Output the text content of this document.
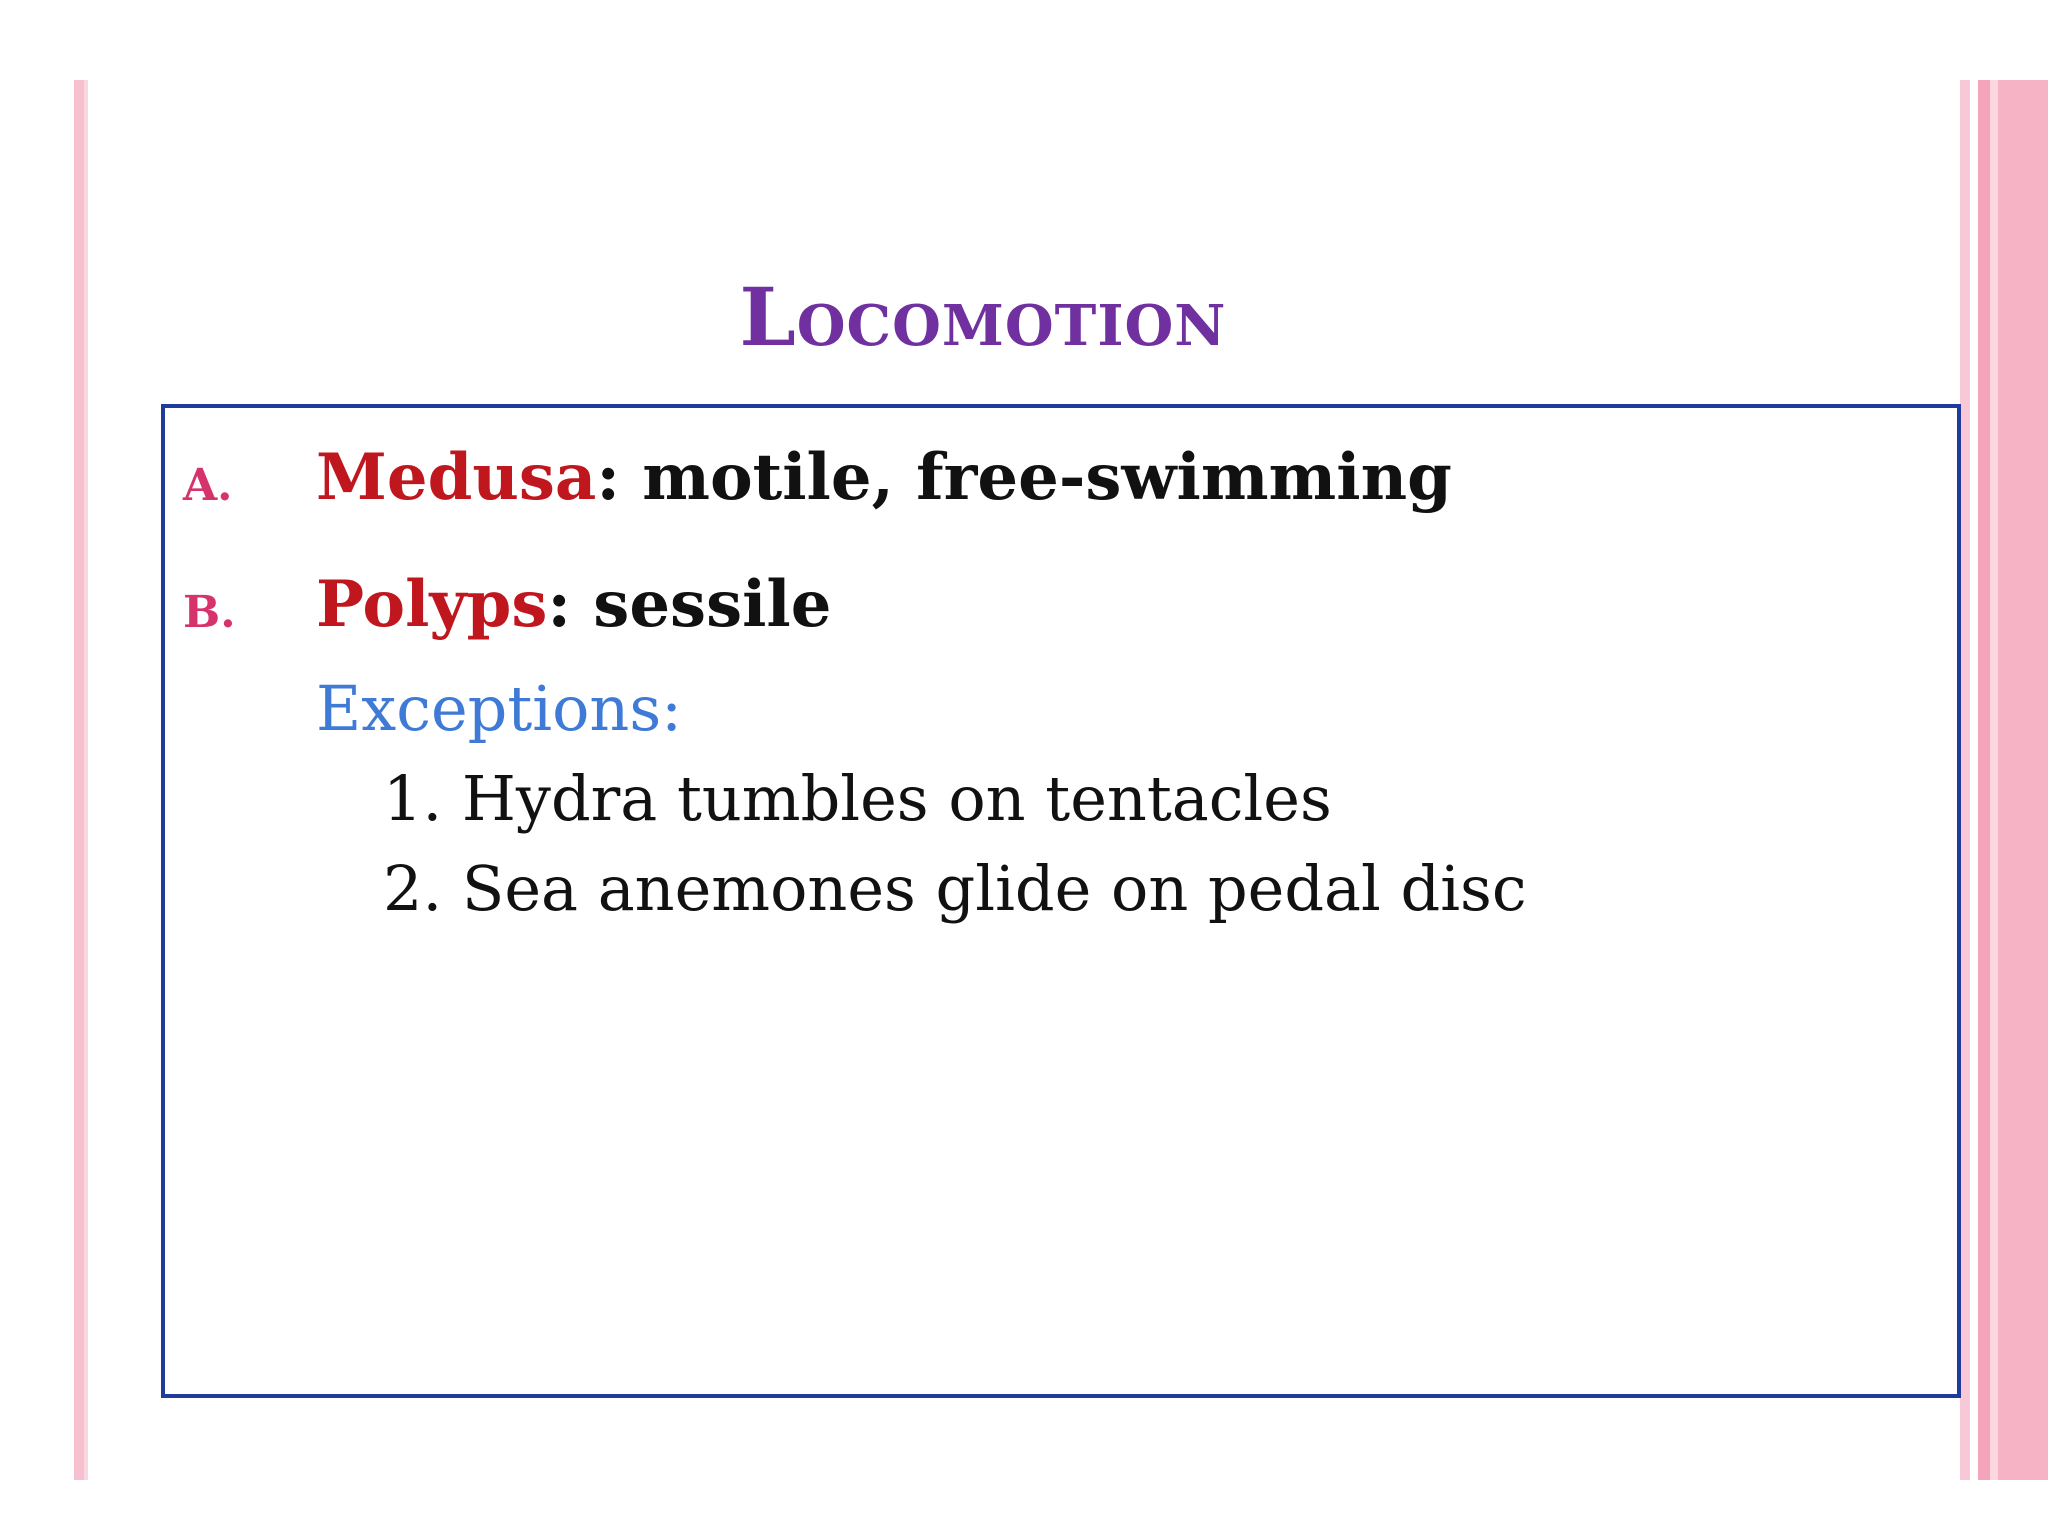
Locomotion
A. Medusa: motile, free-swimming
B. Polyps: sessile
Exceptions:
1. Hydra tumbles on tentacles
2. Sea anemones glide on pedal disc
